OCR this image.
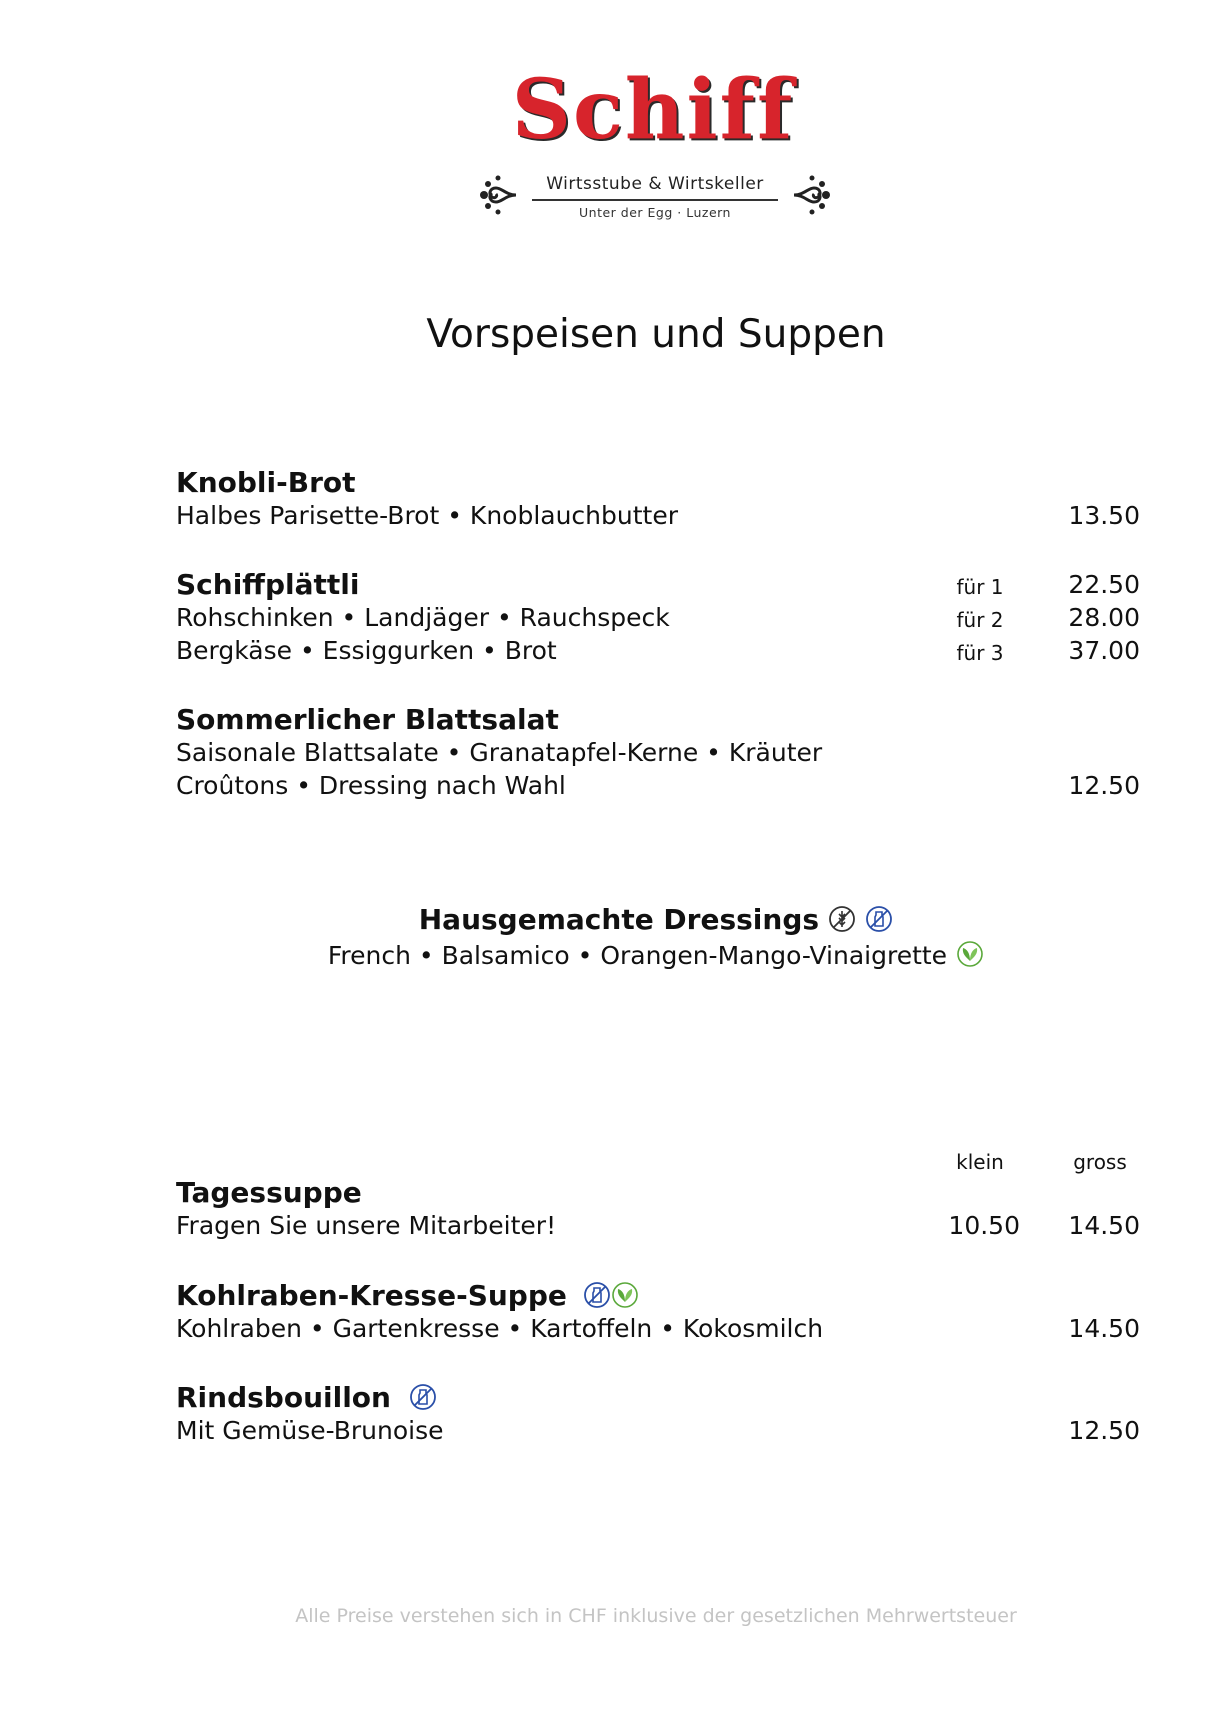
Schiff
Wirtsstube & Wirtskeller
Unter der Egg · Luzern
Vorspeisen und Suppen
Knobli-Brot
Halbes Parisette-Brot • Knoblauchbutter	13.50
Schiffplättli	für 1	22.50
Rohschinken • Landjäger • Rauchspeck	für 2	28.00
Bergkäse • Essiggurken • Brot	für 3	37.00
Sommerlicher Blattsalat
Saisonale Blattsalate • Granatapfel-Kerne • Kräuter
Croûtons • Dressing nach Wahl	12.50
Hausgemachte Dressings
French • Balsamico • Orangen-Mango-Vinaigrette
klein	gross
Tagessuppe
Fragen Sie unsere Mitarbeiter!	10.50	14.50
Kohlraben-Kresse-Suppe
Kohlraben • Gartenkresse • Kartoffeln • Kokosmilch	14.50
Rindsbouillon
Mit Gemüse-Brunoise	12.50
Alle Preise verstehen sich in CHF inklusive der gesetzlichen Mehrwertsteuer
